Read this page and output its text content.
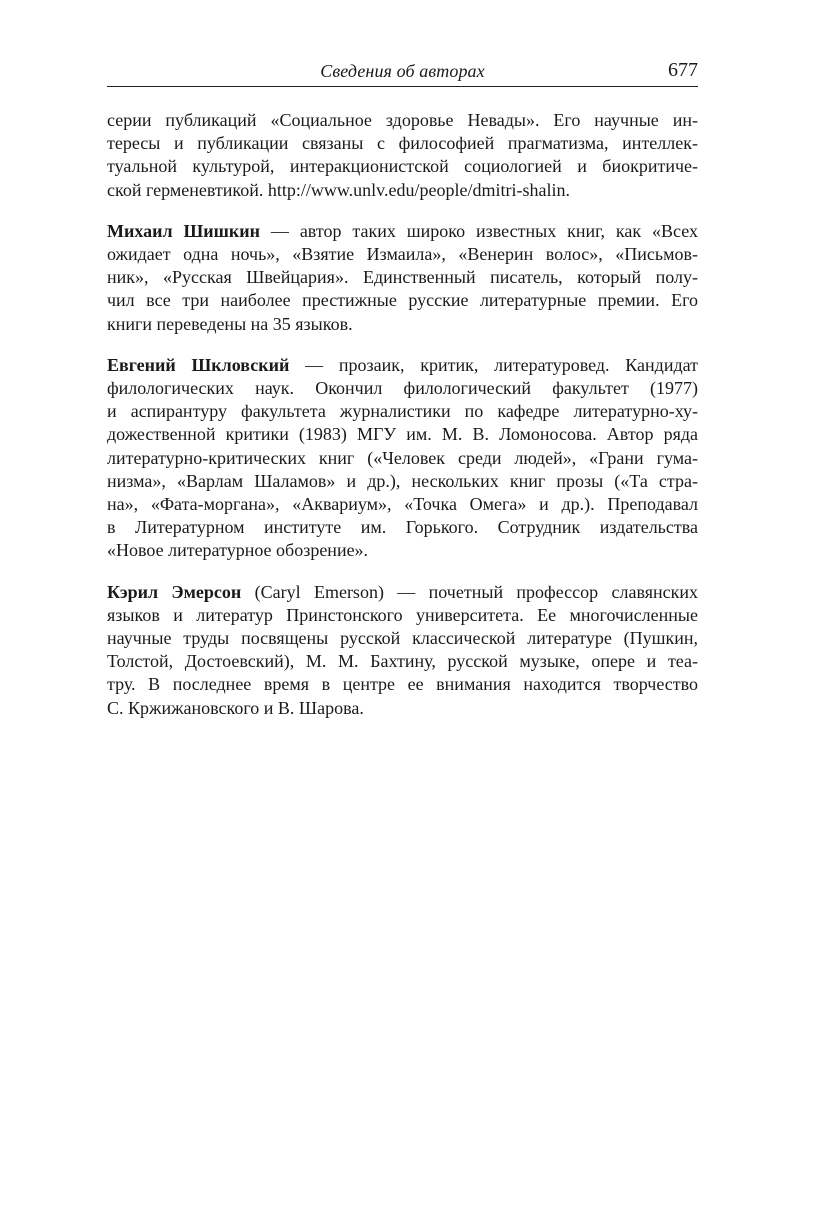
Сведения об авторах	677

серии публикаций «Социальное здоровье Невады». Его научные ин-
тересы и публикации связаны с философией прагматизма, интеллек-
туальной культурой, интеракционистской социологией и биокритиче-
ской герменевтикой. http://www.unlv.edu/people/dmitri-shalin.

Михаил Шишкин — автор таких широко известных книг, как «Всех
ожидает одна ночь», «Взятие Измаила», «Венерин волос», «Письмов-
ник», «Русская Швейцария». Единственный писатель, который полу-
чил все три наиболее престижные русские литературные премии. Его
книги переведены на 35 языков.

Евгений Шкловский — прозаик, критик, литературовед. Кандидат
филологических наук. Окончил филологический факультет (1977)
и аспирантуру факультета журналистики по кафедре литературно-ху-
дожественной критики (1983) МГУ им. М. В. Ломоносова. Автор ряда
литературно-критических книг («Человек среди людей», «Грани гума-
низма», «Варлам Шаламов» и др.), нескольких книг прозы («Та стра-
на», «Фата-моргана», «Аквариум», «Точка Омега» и др.). Преподавал
в Литературном институте им. Горького. Сотрудник издательства
«Новое литературное обозрение».

Кэрил Эмерсон (Caryl Emerson) — почетный профессор славянских
языков и литератур Принстонского университета. Ее многочисленные
научные труды посвящены русской классической литературе (Пушкин,
Толстой, Достоевский), М. М. Бахтину, русской музыке, опере и теа-
тру. В последнее время в центре ее внимания находится творчество
С. Кржижановского и В. Шарова.
